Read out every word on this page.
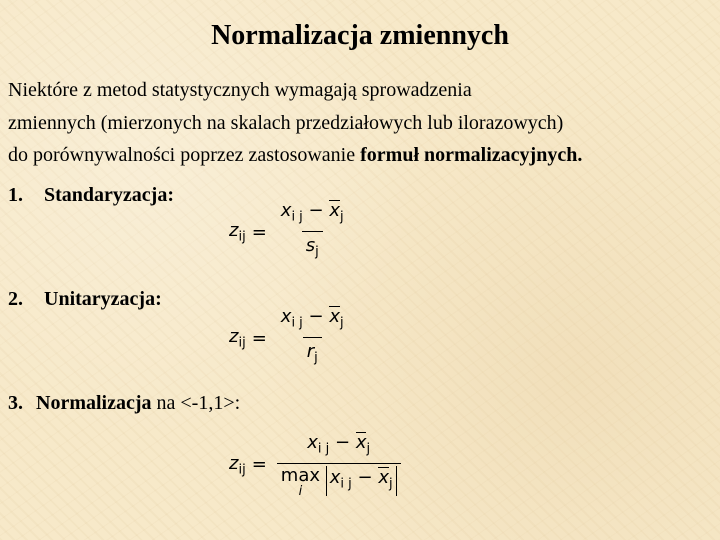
Normalizacja zmiennych
Niektóre z metod statystycznych wymagają sprowadzenia
zmiennych (mierzonych na skalach przedziałowych lub ilorazowych)
do porównywalności poprzez zastosowanie formuł normalizacyjnych.
1. Standaryzacja:
$z_{ij} = \frac{x_{i j} - x_j}{s_j}$
2. Unitaryzacja:
$z_{ij} = \frac{x_{i j} - x_j}{r_j}$
3. Normalizacja na <-1,1>:
$z_{ij} = x_{i j} - x_j$
max
i
$x_{i j} - x_j$
